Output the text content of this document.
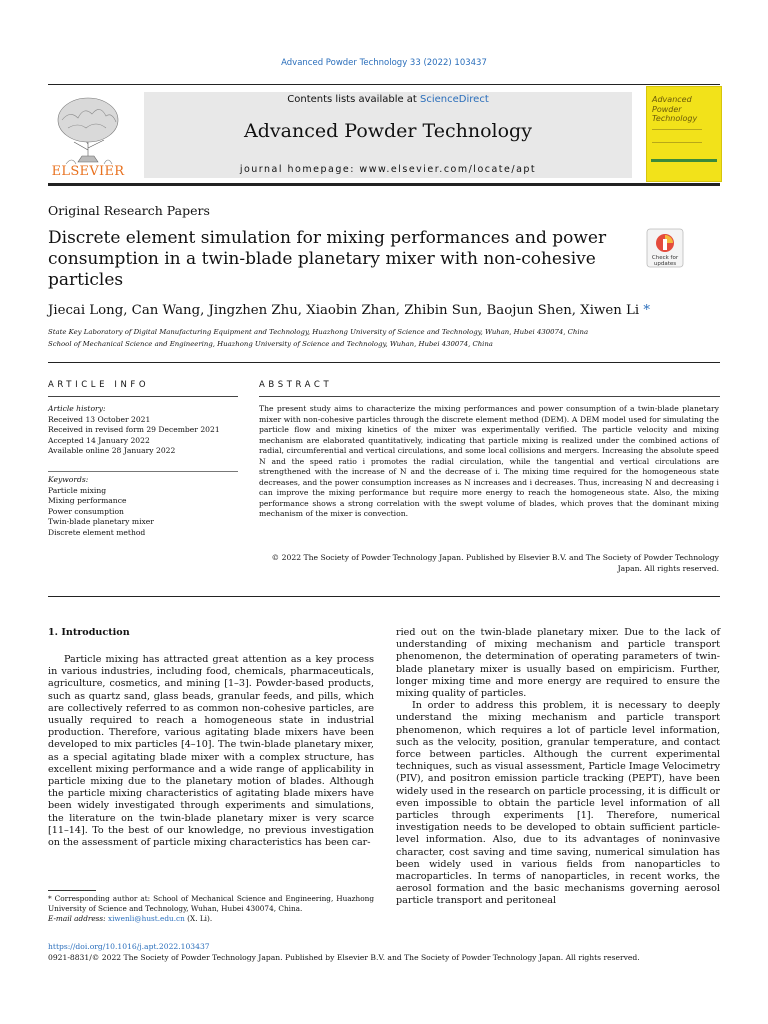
Advanced Powder Technology 33 (2022) 103437
ELSEVIER
Contents lists available at ScienceDirect
Advanced Powder Technology
journal homepage: www.elsevier.com/locate/apt
Advanced
Powder
Technology
Original Research Papers
Discrete element simulation for mixing performances and power consumption in a twin-blade planetary mixer with non-cohesive particles
Check for updates
Jiecai Long, Can Wang, Jingzhen Zhu, Xiaobin Zhan, Zhibin Sun, Baojun Shen, Xiwen Li *
State Key Laboratory of Digital Manufacturing Equipment and Technology, Huazhong University of Science and Technology, Wuhan, Hubei 430074, China
School of Mechanical Science and Engineering, Huazhong University of Science and Technology, Wuhan, Hubei 430074, China
ARTICLE INFO	ABSTRACT
Article history:
Received 13 October 2021
Received in revised form 29 December 2021
Accepted 14 January 2022
Available online 28 January 2022
Keywords:
Particle mixing
Mixing performance
Power consumption
Twin-blade planetary mixer
Discrete element method
The present study aims to characterize the mixing performances and power consumption of a twin-blade planetary mixer with non-cohesive particles through the discrete element method (DEM). A DEM model used for simulating the particle flow and mixing kinetics of the mixer was experimentally verified. The particle velocity and mixing mechanism are elaborated quantitatively, indicating that particle mixing is realized under the combined actions of radial, circumferential and vertical circulations, and some local collisions and mergers. Increasing the absolute speed N and the speed ratio i promotes the radial circulation, while the tangential and vertical circulations are strengthened with the increase of N and the decrease of i. The mixing time required for the homogeneous state decreases, and the power consumption increases as N increases and i decreases. Thus, increasing N and decreasing i can improve the mixing performance but require more energy to reach the homogeneous state. Also, the mixing performance shows a strong correlation with the swept volume of blades, which proves that the dominant mixing mechanism of the mixer is convection.
© 2022 The Society of Powder Technology Japan. Published by Elsevier B.V. and The Society of Powder Technology Japan. All rights reserved.
1. Introduction

Particle mixing has attracted great attention as a key process in various industries, including food, chemicals, pharmaceuticals, agriculture, cosmetics, and mining [1–3]. Powder-based products, such as quartz sand, glass beads, granular feeds, and pills, which are collectively referred to as common non-cohesive particles, are usually required to reach a homogeneous state in industrial production. Therefore, various agitating blade mixers have been developed to mix particles [4–10]. The twin-blade planetary mixer, as a special agitating blade mixer with a complex structure, has excellent mixing performance and a wide range of applicability in particle mixing due to the planetary motion of blades. Although the particle mixing characteristics of agitating blade mixers have been widely investigated through experiments and simulations, the literature on the twin-blade planetary mixer is very scarce [11–14]. To the best of our knowledge, no previous investigation on the assessment of particle mixing characteristics has been car-

ried out on the twin-blade planetary mixer. Due to the lack of understanding of mixing mechanism and particle transport phenomenon, the determination of operating parameters of twin-blade planetary mixer is usually based on empiricism. Further, longer mixing time and more energy are required to ensure the mixing quality of particles.

In order to address this problem, it is necessary to deeply understand the mixing mechanism and particle transport phenomenon, which requires a lot of particle level information, such as the velocity, position, granular temperature, and contact force between particles. Although the current experimental techniques, such as visual assessment, Particle Image Velocimetry (PIV), and positron emission particle tracking (PEPT), have been widely used in the research on particle processing, it is difficult or even impossible to obtain the particle level information of all particles through experiments [1]. Therefore, numerical investigation needs to be developed to obtain sufficient particle-level information. Also, due to its advantages of noninvasive character, cost saving and time saving, numerical simulation has been widely used in various fields from nanoparticles to macroparticles. In terms of nanoparticles, in recent works, the aerosol formation and the basic mechanisms governing aerosol particle transport and peritoneal

* Corresponding author at: School of Mechanical Science and Engineering, Huazhong University of Science and Technology, Wuhan, Hubei 430074, China.
E-mail address: xiwenli@hust.edu.cn (X. Li).
https://doi.org/10.1016/j.apt.2022.103437
0921-8831/© 2022 The Society of Powder Technology Japan. Published by Elsevier B.V. and The Society of Powder Technology Japan. All rights reserved.
